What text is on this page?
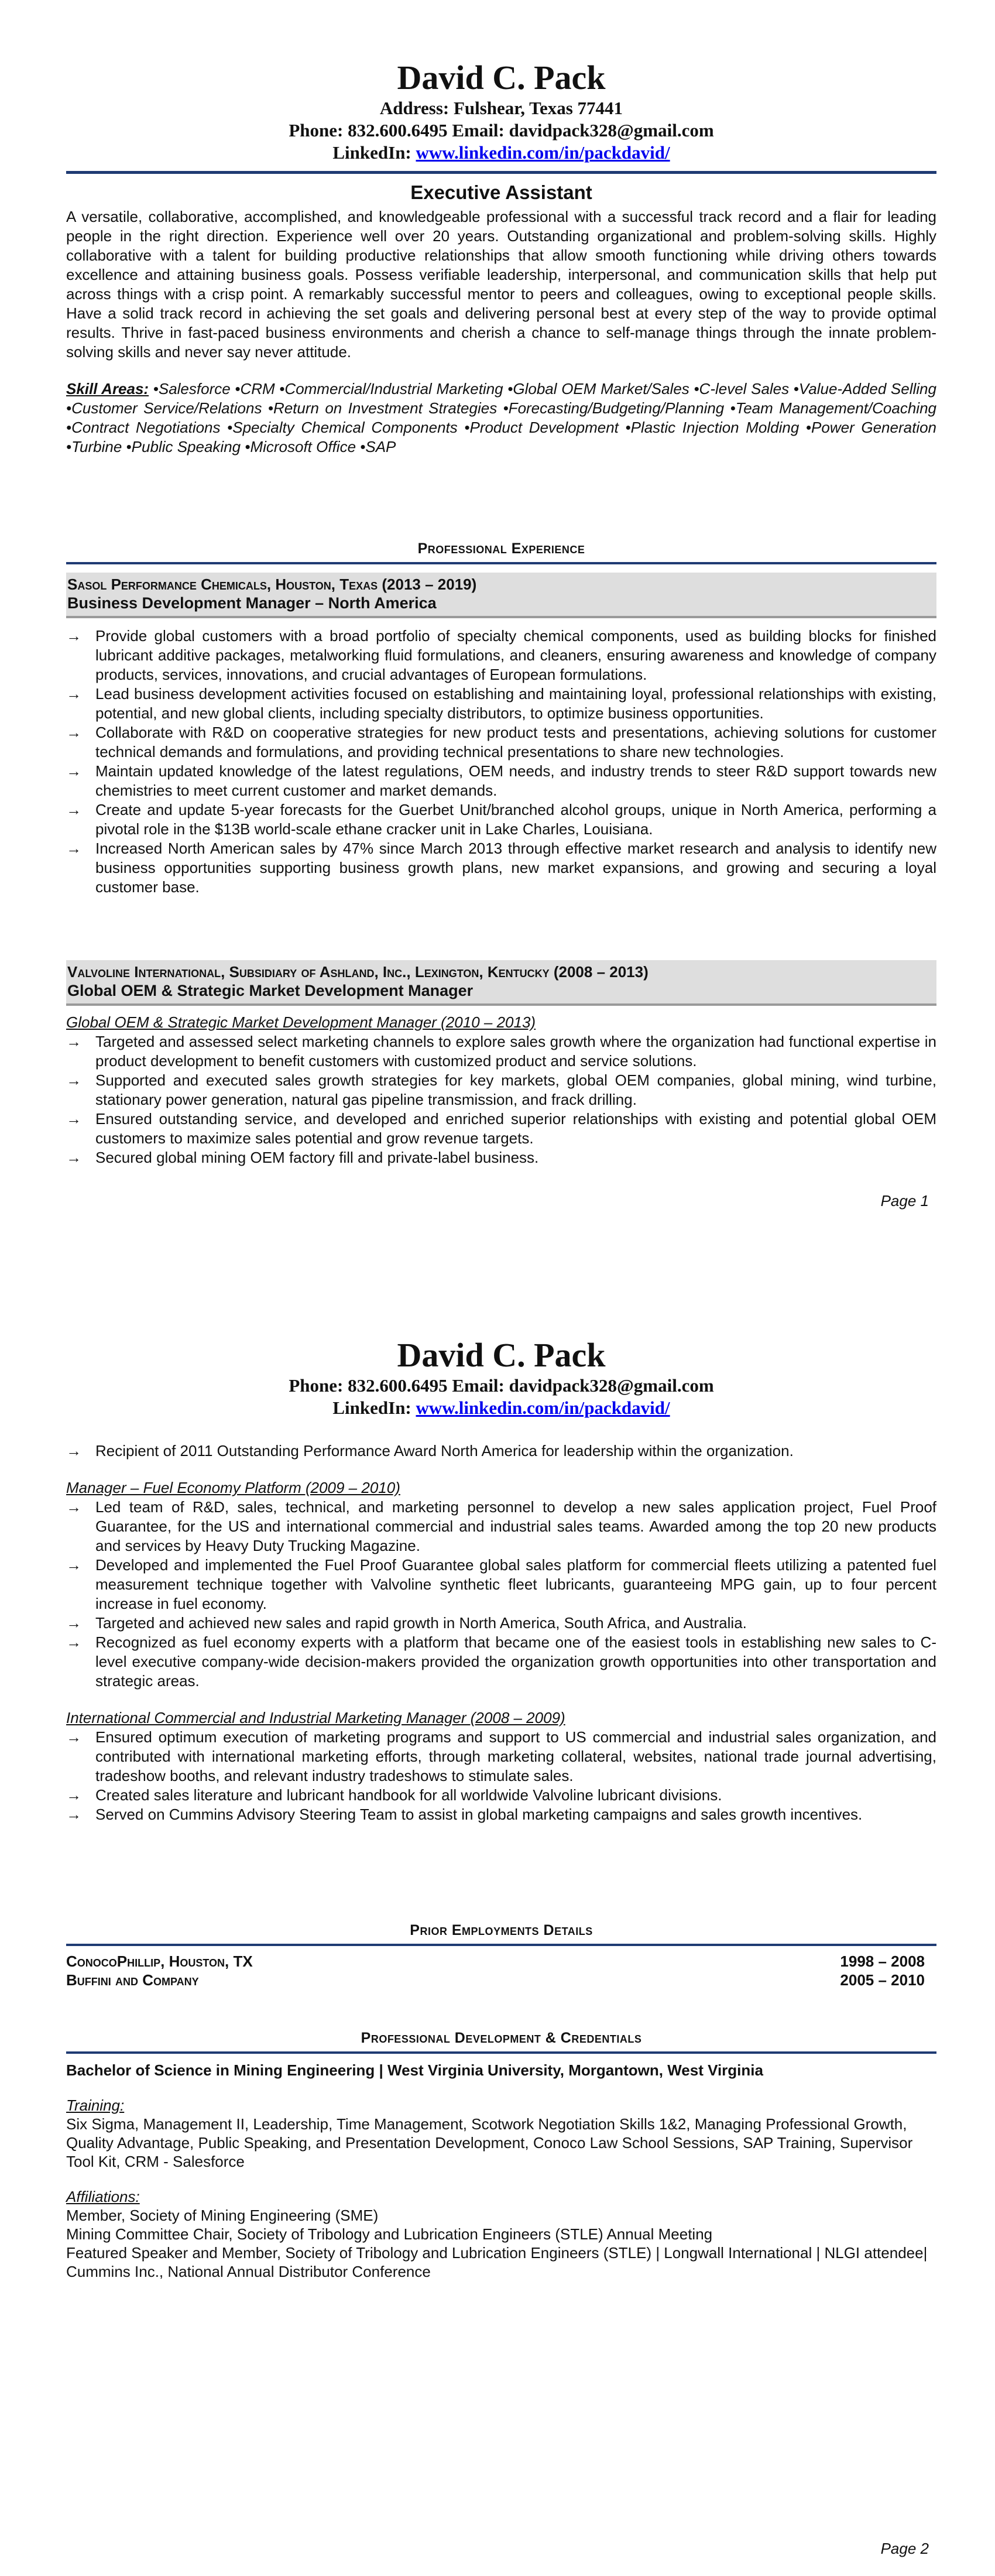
David C. Pack
Address: Fulshear, Texas 77441
Phone: 832.600.6495 Email: davidpack328@gmail.com
LinkedIn: www.linkedin.com/in/packdavid/
Executive Assistant

A versatile, collaborative, accomplished, and knowledgeable professional with a successful track record and a flair for leading people in the right direction. Experience well over 20 years. Outstanding organizational and problem-solving skills. Highly collaborative with a talent for building productive relationships that allow smooth functioning while driving others towards excellence and attaining business goals. Possess verifiable leadership, interpersonal, and communication skills that help put across things with a crisp point. A remarkably successful mentor to peers and colleagues, owing to exceptional people skills. Have a solid track record in achieving the set goals and delivering personal best at every step of the way to provide optimal results. Thrive in fast-paced business environments and cherish a chance to self-manage things through the innate problem-solving skills and never say never attitude.

Skill Areas: •Salesforce •CRM •Commercial/Industrial Marketing •Global OEM Market/Sales •C-level Sales •Value-Added Selling •Customer Service/Relations •Return on Investment Strategies •Forecasting/Budgeting/Planning •Team Management/Coaching •Contract Negotiations •Specialty Chemical Components •Product Development •Plastic Injection Molding •Power Generation •Turbine •Public Speaking •Microsoft Office •SAP

Professional Experience
Sasol Performance Chemicals, Houston, Texas (2013 – 2019)
Business Development Manager – North America
→ Provide global customers with a broad portfolio of specialty chemical components, used as building blocks for finished lubricant additive packages, metalworking fluid formulations, and cleaners, ensuring awareness and knowledge of company products, services, innovations, and crucial advantages of European formulations.
→ Lead business development activities focused on establishing and maintaining loyal, professional relationships with existing, potential, and new global clients, including specialty distributors, to optimize business opportunities.
→ Collaborate with R&D on cooperative strategies for new product tests and presentations, achieving solutions for customer technical demands and formulations, and providing technical presentations to share new technologies.
→ Maintain updated knowledge of the latest regulations, OEM needs, and industry trends to steer R&D support towards new chemistries to meet current customer and market demands.
→ Create and update 5-year forecasts for the Guerbet Unit/branched alcohol groups, unique in North America, performing a pivotal role in the $13B world-scale ethane cracker unit in Lake Charles, Louisiana.
→ Increased North American sales by 47% since March 2013 through effective market research and analysis to identify new business opportunities supporting business growth plans, new market expansions, and growing and securing a loyal customer base.
Valvoline International, Subsidiary of Ashland, Inc., Lexington, Kentucky (2008 – 2013)
Global OEM & Strategic Market Development Manager
Global OEM & Strategic Market Development Manager (2010 – 2013)
→ Targeted and assessed select marketing channels to explore sales growth where the organization had functional expertise in product development to benefit customers with customized product and service solutions.
→ Supported and executed sales growth strategies for key markets, global OEM companies, global mining, wind turbine, stationary power generation, natural gas pipeline transmission, and frack drilling.
→ Ensured outstanding service, and developed and enriched superior relationships with existing and potential global OEM customers to maximize sales potential and grow revenue targets.
→ Secured global mining OEM factory fill and private-label business.
Page 1
David C. Pack
Phone: 832.600.6495 Email: davidpack328@gmail.com
LinkedIn: www.linkedin.com/in/packdavid/
→ Recipient of 2011 Outstanding Performance Award North America for leadership within the organization.
Manager – Fuel Economy Platform (2009 – 2010)
→ Led team of R&D, sales, technical, and marketing personnel to develop a new sales application project, Fuel Proof Guarantee, for the US and international commercial and industrial sales teams. Awarded among the top 20 new products and services by Heavy Duty Trucking Magazine.
→ Developed and implemented the Fuel Proof Guarantee global sales platform for commercial fleets utilizing a patented fuel measurement technique together with Valvoline synthetic fleet lubricants, guaranteeing MPG gain, up to four percent increase in fuel economy.
→ Targeted and achieved new sales and rapid growth in North America, South Africa, and Australia.
→ Recognized as fuel economy experts with a platform that became one of the easiest tools in establishing new sales to C-level executive company-wide decision-makers provided the organization growth opportunities into other transportation and strategic areas.
International Commercial and Industrial Marketing Manager (2008 – 2009)
→ Ensured optimum execution of marketing programs and support to US commercial and industrial sales organization, and contributed with international marketing efforts, through marketing collateral, websites, national trade journal advertising, tradeshow booths, and relevant industry tradeshows to stimulate sales.
→ Created sales literature and lubricant handbook for all worldwide Valvoline lubricant divisions.
→ Served on Cummins Advisory Steering Team to assist in global marketing campaigns and sales growth incentives.
Prior Employments Details
ConocoPhillip, Houston, TX	1998 – 2008
Buffini and Company	2005 – 2010
Professional Development & Credentials
Bachelor of Science in Mining Engineering | West Virginia University, Morgantown, West Virginia
Training:
Six Sigma, Management II, Leadership, Time Management, Scotwork Negotiation Skills 1&2, Managing Professional Growth, Quality Advantage, Public Speaking, and Presentation Development, Conoco Law School Sessions, SAP Training, Supervisor Tool Kit, CRM - Salesforce
Affiliations:
Member, Society of Mining Engineering (SME)
Mining Committee Chair, Society of Tribology and Lubrication Engineers (STLE) Annual Meeting
Featured Speaker and Member, Society of Tribology and Lubrication Engineers (STLE) | Longwall International | NLGI attendee| Cummins Inc., National Annual Distributor Conference
Page 2
